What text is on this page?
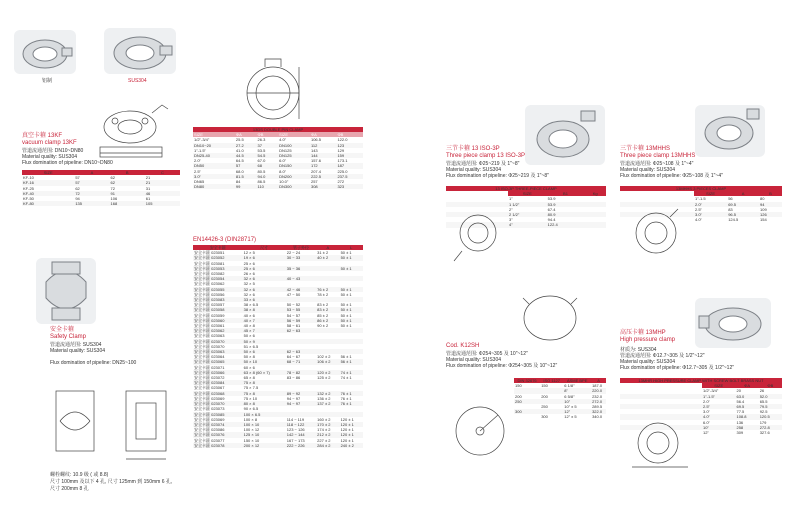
铝制	SUS304
真空卡箍 13KF
vacuum clamp 13KF
管道流通范围: DN10~DN80
Material quality: SUS304
Flux domination of pipeline: DN10~DN80
SIZE	A	B	C
KF-10	57	62	21
KF-16	57	62	21
KF-25	62	72	31
KF-40	72	91	46
KF-50	94	106	61
KF-80	135	168	105
安全卡箍
Safety Clamp
管道流通范围: SUS304
Material quality: SUS304
Flux domination of pipeline: DN25~100
螺栓螺纹: 10.9 级 ( 或 8.8)
尺寸 100mm 及以下 4 孔, 尺寸 125mm 到 150mm 6 孔,
尺寸 200mm 8 孔
13DS DOUBLE PIN CLAMP					
SIZE	ΦA	ΦB	SIZE	ΦA	ΦB
1/2"-3/4"	25.5	26.3	4.0"	106.5	122.0
DN10~20	27.2	37	DN100	112	123
1"-1.5"	41.0	53.5	DN125	143	129
DN25-40	44.5	54.5	DN125	144	159
2.0"	64.5	67.0	6.0"	157.6	173.1
DN50	57	68	DN150	172	187
2.5"	68.0	80.5	8.0"	207.4	225.0
3.0"	81.5	94.0	DN200	222.5	237.5
DN65	84	86.5	10.0"	257	272
DN80	99	110	DN300	308	323
EN14426-3 (DIN28717)
安全卡箍	尺寸	管子外径	A	L
安全卡箍 023051	12 × 5	22 ~ 24	31 ± 2	50 ± 1
安全卡箍 023052	19 × 6	30 ~ 33	40 ± 2	50 ± 1
安全卡箍 023081	25 × 6			
安全卡箍 023053	25 × 6	35 ~ 36		50 ± 1
安全卡箍 023082	26 × 6			
安全卡箍 023054	32 × 6	40 ~ 43		
安全卡箍 023062	32 × 5			
安全卡箍 023055	32 × 6	42 ~ 46	76 ± 2	50 ± 1
安全卡箍 023056	32 × 6	47 ~ 50	78 ± 2	50 ± 1
安全卡箍 023083	33 × 6			
安全卡箍 023057	38 × 6.5	50 ~ 52	83 ± 2	50 ± 1
安全卡箍 023058	38 × 8	53 ~ 55	83 ± 2	50 ± 1
安全卡箍 023059	40 × 6	54 ~ 57	85 ± 2	50 ± 1
安全卡箍 023060	40 × 7	56 ~ 59	86 ± 2	50 ± 1
安全卡箍 023061	40 × 8	58 ~ 61	90 ± 2	50 ± 1
安全卡箍 023062	45 × 7	62 ~ 63		
安全卡箍 023063	50 × 6			
安全卡箍 023070	50 × 9			
安全卡箍 023070	51 × 6.5			
安全卡箍 023063	50 × 6	62 ~ 63		
安全卡箍 023064	50 × 8	64 ~ 67	102 ± 2	56 ± 1
安全卡箍 023065	50 × 10	68 ~ 71	106 ± 2	56 ± 1
安全卡箍 023071	60 × 6			
安全卡箍 023066	63 × 8 (60 × 7)	78 ~ 82	120 ± 2	74 ± 1
安全卡箍 023072	65 × 8	83 ~ 86	125 ± 2	74 ± 1
安全卡箍 023084	75 × 8			
安全卡箍 023067	75 × 7.5			
安全卡箍 023068	75 × 8	89 ~ 92	132 ± 2	76 ± 1
安全卡箍 023069	75 × 10	94 ~ 97	136 ± 2	76 ± 1
安全卡箍 023070	80 × 8	94 ~ 97	137 ± 2	76 ± 1
安全卡箍 023073	90 × 6.5			
安全卡箍 023085	100 × 6.5			
安全卡箍 023069	100 × 8	114 ~ 119	160 ± 2	120 ± 1
安全卡箍 023074	100 × 10	118 ~ 122	170 ± 2	120 ± 1
安全卡箍 023086	100 × 12	123 ~ 126	174 ± 2	120 ± 1
安全卡箍 023076	125 × 10	142 ~ 144	212 ± 2	120 ± 1
安全卡箍 023077	150 × 10	167 ~ 173	227 ± 2	120 ± 1
安全卡箍 023078	200 × 12	222 ~ 226	284 ± 2	240 ± 2
三节卡箍 13 ISO-3P
Three piece clamp 13 ISO-3P
管道流通范围: Φ25~219 及 1"~8"
Material quality: SUS304
Flux domination of pipeline: Φ25~219 及 1"~8"
13 ISO-3P THREE-PIECE CLAMP			
	SIZE	B1	Kg
	1"	53.9	
	1 1/2"	53.9	
	2"	67.4	
	2 1/2"	80.9	
	3"	94.4	
	4"	122.4	
Cod. K12SH
管道流通范围: Φ254~305 及 10"~12"
Material quality: SUS304
Flux domination of pipeline: Φ254~305 及 10"~12"
DIN 32676	ISO 1127	ASME BPE	A
150	150	6 1/8"	187.0
		8"	220.0
200	200	6 5/8"	232.0
250		10"	272.0
	250	10" x 5	289.5
300		12"	322.0
	300	12" x 5	340.0
三节卡箍 13MHHS
Three piece clamp 13MHHS
管道流通范围: Φ25~108 及 1"~4"
Material quality: SUS304
Flux domination of pipeline: Φ25~108 及 1"~4"
13MHHS 3 PIECES CLAMP			
	SIZE	A	B
	1"-1.5	56	80
	2.0"	69.5	94
	2.5"	83	109
	3.0"	96.5	126
	4.0"	124.5	154
高压卡箍 13MHP
High pressure clamp
材质为: SUS304
管道流通范围: Φ12.7~305 及 1/2"~12"
Material quality: SUS304
Flux domination of pipeline: Φ12.7~305 及 1/2"~12"
13MHR HIGH PRESSURE CLAMP WITH SCREW BOLT BRASS NUT			
	SIZE	ΦA	ΦB
	1/2"-3/4"	20	26
	1"-1.5"	63.0	52.0
	2.0"	56.4	65.5
	2.5"	69.5	79.5
	3.0"	77.5	92.5
	4.0"	108.8	120.5
	6.0"	136	179
	10"	258	272.8
	12"	309	327.6
